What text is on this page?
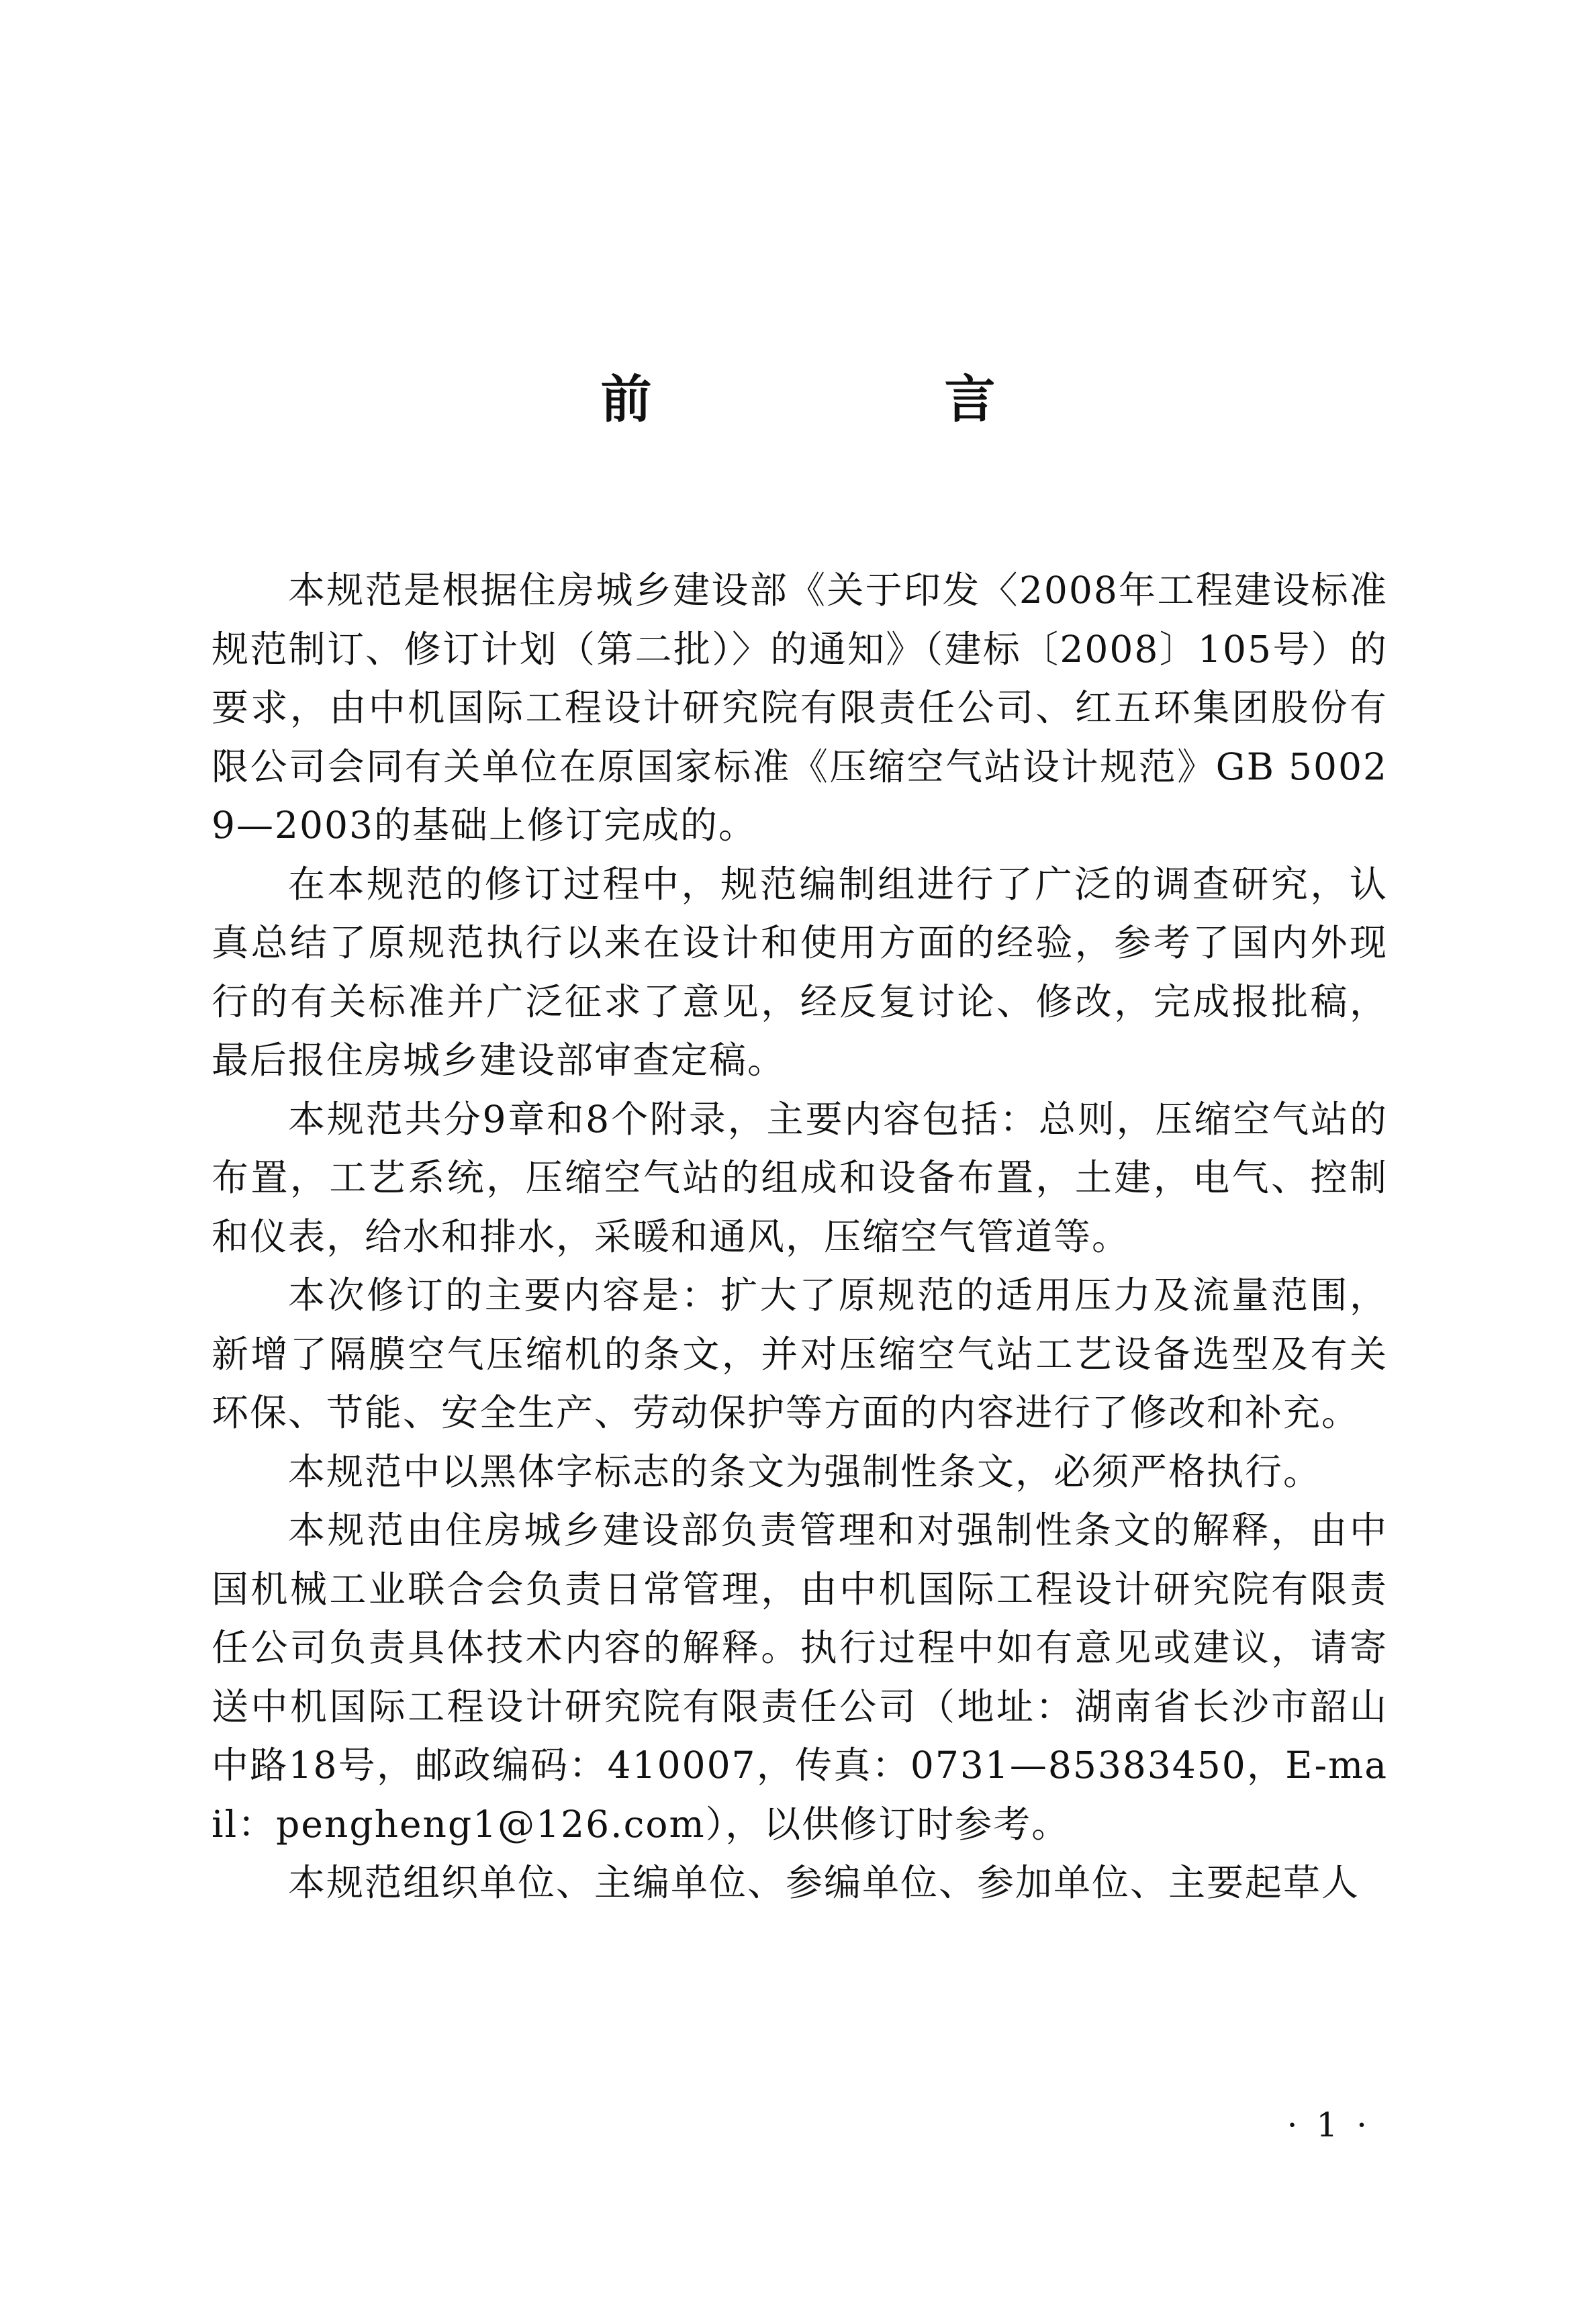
前　言

本规范是根据住房城乡建设部《关于印发〈2008年工程建设标准规范制订、修订计划（第二批）〉的通知》（建标〔2008〕105号）的要求，由中机国际工程设计研究院有限责任公司、红五环集团股份有限公司会同有关单位在原国家标准《压缩空气站设计规范》GB 50029—2003的基础上修订完成的。

在本规范的修订过程中，规范编制组进行了广泛的调查研究，认真总结了原规范执行以来在设计和使用方面的经验，参考了国内外现行的有关标准并广泛征求了意见，经反复讨论、修改，完成报批稿，最后报住房城乡建设部审查定稿。

本规范共分9章和8个附录，主要内容包括：总则，压缩空气站的布置，工艺系统，压缩空气站的组成和设备布置，土建，电气、控制和仪表，给水和排水，采暖和通风，压缩空气管道等。

本次修订的主要内容是：扩大了原规范的适用压力及流量范围，新增了隔膜空气压缩机的条文，并对压缩空气站工艺设备选型及有关环保、节能、安全生产、劳动保护等方面的内容进行了修改和补充。

本规范中以黑体字标志的条文为强制性条文，必须严格执行。

本规范由住房城乡建设部负责管理和对强制性条文的解释，由中国机械工业联合会负责日常管理，由中机国际工程设计研究院有限责任公司负责具体技术内容的解释。执行过程中如有意见或建议，请寄送中机国际工程设计研究院有限责任公司（地址：湖南省长沙市韶山中路18号，邮政编码：410007，传真：0731—85383450，E-mail：pengheng1@126.com），以供修订时参考。

本规范组织单位、主编单位、参编单位、参加单位、主要起草人

· 1 ·
